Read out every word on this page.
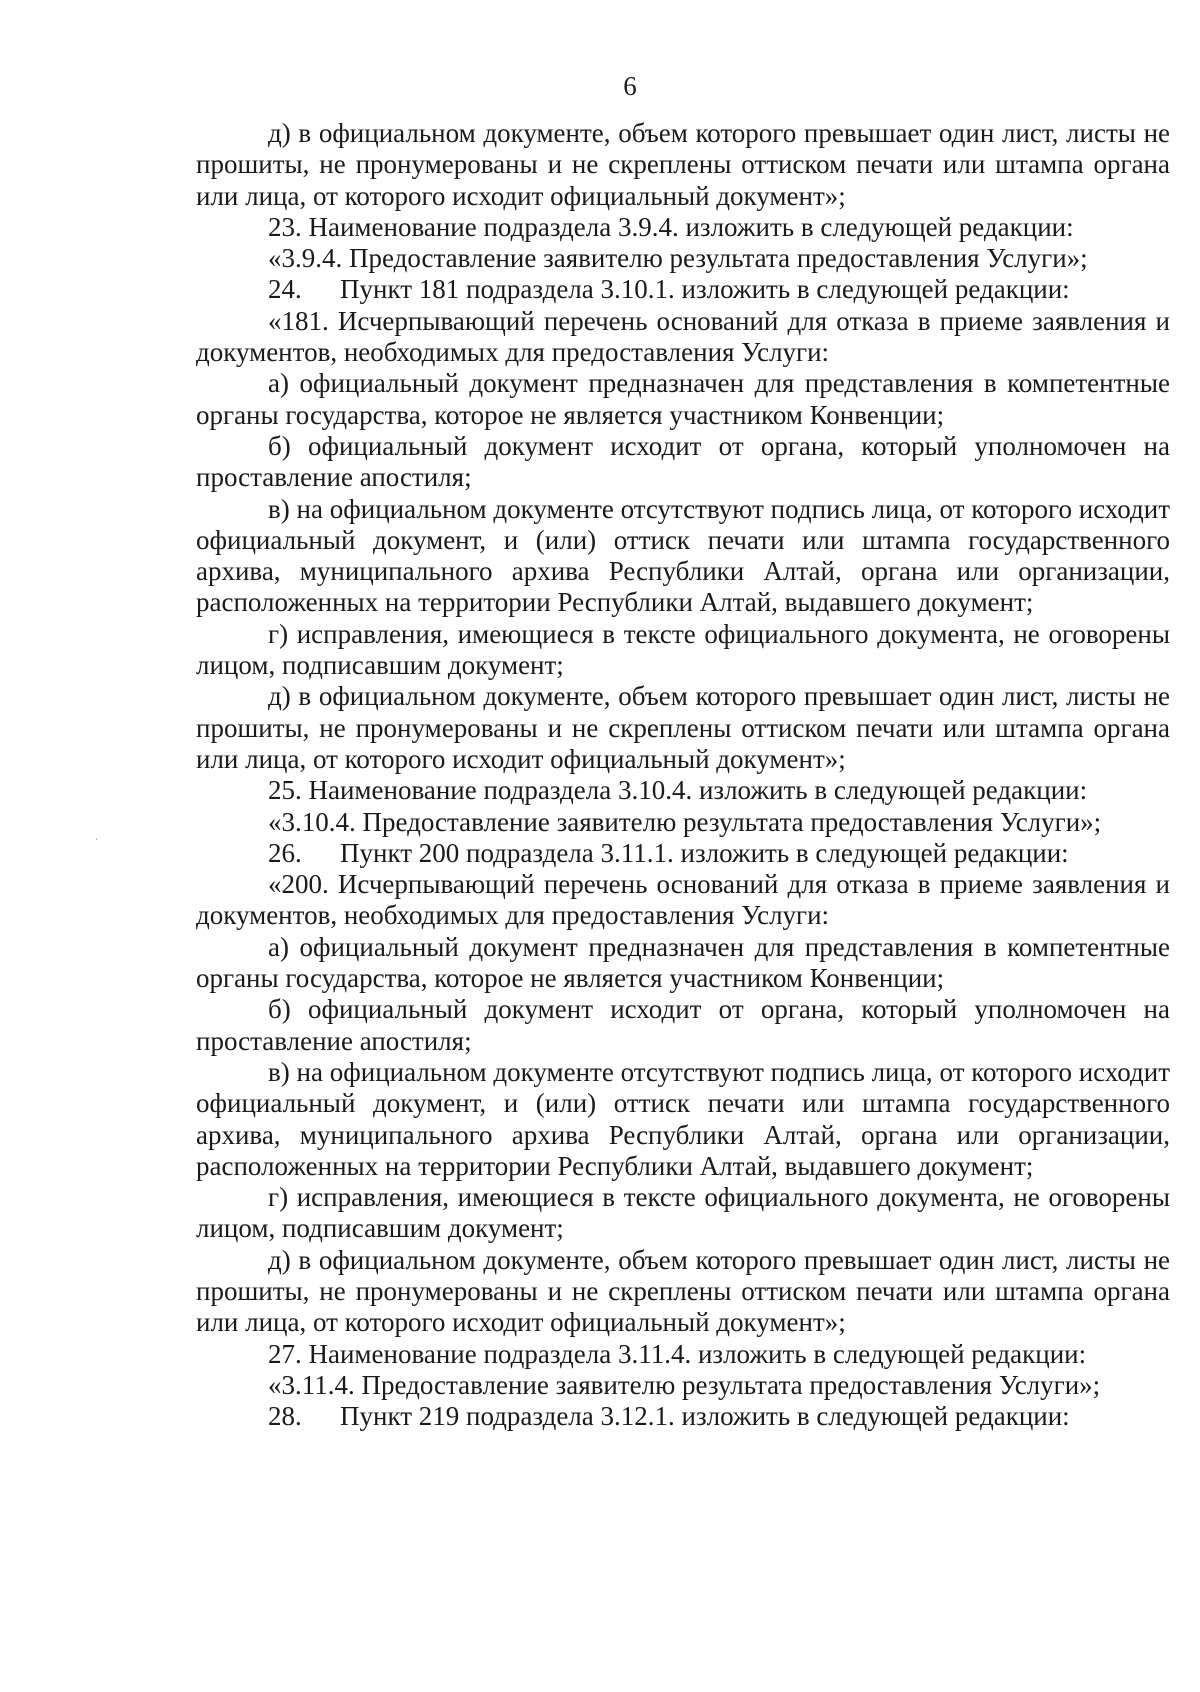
6

д) в официальном документе, объем которого превышает один лист, листы не прошиты, не пронумерованы и не скреплены оттиском печати или штампа органа или лица, от которого исходит официальный документ»;

23. Наименование подраздела 3.9.4. изложить в следующей редакции:

«3.9.4. Предоставление заявителю результата предоставления Услуги»;

24. Пункт 181 подраздела 3.10.1. изложить в следующей редакции:

«181. Исчерпывающий перечень оснований для отказа в приеме заявления и документов, необходимых для предоставления Услуги:

а) официальный документ предназначен для представления в компетентные органы государства, которое не является участником Конвенции;

б) официальный документ исходит от органа, который уполномочен на проставление апостиля;

в) на официальном документе отсутствуют подпись лица, от которого исходит официальный документ, и (или) оттиск печати или штампа государственного архива, муниципального архива Республики Алтай, органа или организации, расположенных на территории Республики Алтай, выдавшего документ;

г) исправления, имеющиеся в тексте официального документа, не оговорены лицом, подписавшим документ;

д) в официальном документе, объем которого превышает один лист, листы не прошиты, не пронумерованы и не скреплены оттиском печати или штампа органа или лица, от которого исходит официальный документ»;

25. Наименование подраздела 3.10.4. изложить в следующей редакции:

«3.10.4. Предоставление заявителю результата предоставления Услуги»;

26. Пункт 200 подраздела 3.11.1. изложить в следующей редакции:

«200. Исчерпывающий перечень оснований для отказа в приеме заявления и документов, необходимых для предоставления Услуги:

а) официальный документ предназначен для представления в компетентные органы государства, которое не является участником Конвенции;

б) официальный документ исходит от органа, который уполномочен на проставление апостиля;

в) на официальном документе отсутствуют подпись лица, от которого исходит официальный документ, и (или) оттиск печати или штампа государственного архива, муниципального архива Республики Алтай, органа или организации, расположенных на территории Республики Алтай, выдавшего документ;

г) исправления, имеющиеся в тексте официального документа, не оговорены лицом, подписавшим документ;

д) в официальном документе, объем которого превышает один лист, листы не прошиты, не пронумерованы и не скреплены оттиском печати или штампа органа или лица, от которого исходит официальный документ»;

27. Наименование подраздела 3.11.4. изложить в следующей редакции:

«3.11.4. Предоставление заявителю результата предоставления Услуги»;

28. Пункт 219 подраздела 3.12.1. изложить в следующей редакции:
